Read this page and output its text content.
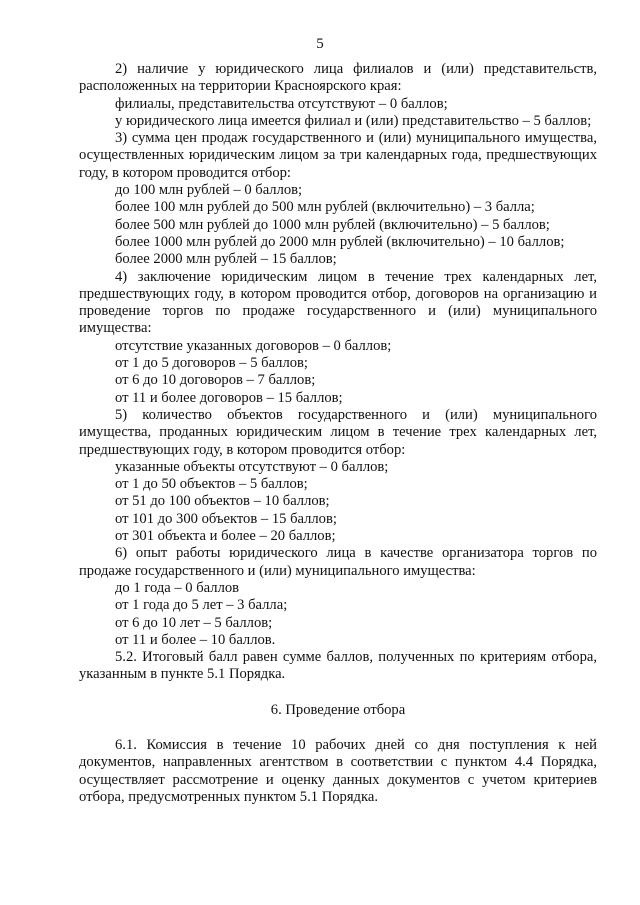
5

2) наличие у юридического лица филиалов и (или) представительств, расположенных на территории Красноярского края:

филиалы, представительства отсутствуют – 0 баллов;

у юридического лица имеется филиал и (или) представительство – 5 баллов;

3) сумма цен продаж государственного и (или) муниципального имущества, осуществленных юридическим лицом за три календарных года, предшествующих году, в котором проводится отбор:

до 100 млн рублей – 0 баллов;

более 100 млн рублей до 500 млн рублей (включительно) – 3 балла;

более 500 млн рублей до 1000 млн рублей (включительно) – 5 баллов;

более 1000 млн рублей до 2000 млн рублей (включительно) – 10 баллов;

более 2000 млн рублей – 15 баллов;

4) заключение юридическим лицом в течение трех календарных лет, предшествующих году, в котором проводится отбор, договоров на организацию и проведение торгов по продаже государственного и (или) муниципального имущества:

отсутствие указанных договоров – 0 баллов;

от 1 до 5 договоров – 5 баллов;

от 6 до 10 договоров – 7 баллов;

от 11 и более договоров – 15 баллов;

5) количество объектов государственного и (или) муниципального имущества, проданных юридическим лицом в течение трех календарных лет, предшествующих году, в котором проводится отбор:

указанные объекты отсутствуют – 0 баллов;

от 1 до 50 объектов – 5 баллов;

от 51 до 100 объектов – 10 баллов;

от 101 до 300 объектов – 15 баллов;

от 301 объекта и более – 20 баллов;

6) опыт работы юридического лица в качестве организатора торгов по продаже государственного и (или) муниципального имущества:

до 1 года – 0 баллов

от 1 года до 5 лет – 3 балла;

от 6 до 10 лет – 5 баллов;

от 11 и более – 10 баллов.

5.2. Итоговый балл равен сумме баллов, полученных по критериям отбора, указанным в пункте 5.1 Порядка.

6. Проведение отбора

6.1. Комиссия в течение 10 рабочих дней со дня поступления к ней документов, направленных агентством в соответствии с пунктом 4.4 Порядка, осуществляет рассмотрение и оценку данных документов с учетом критериев отбора, предусмотренных пунктом 5.1 Порядка.
